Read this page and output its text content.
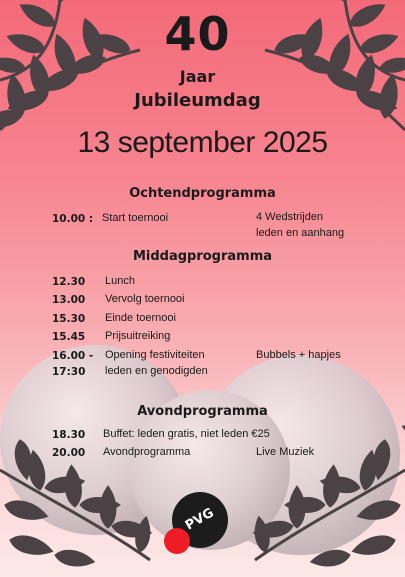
40
Jaar
Jubileumdag
13 september 2025
Ochtendprogramma
10.00 : Start toernooi	4 Wedstrijden
leden en aanhang
Middagprogramma
12.30 Lunch
13.00 Vervolg toernooi
15.30 Einde toernooi
15.45 Prijsuitreiking
16.00 -
17:30
Opening festiviteiten
leden en genodigden
Bubbels + hapjes
Avondprogramma
18.30 Buffet: leden gratis, niet leden €25
20.00 Avondprogramma	Live Muziek
PVG
